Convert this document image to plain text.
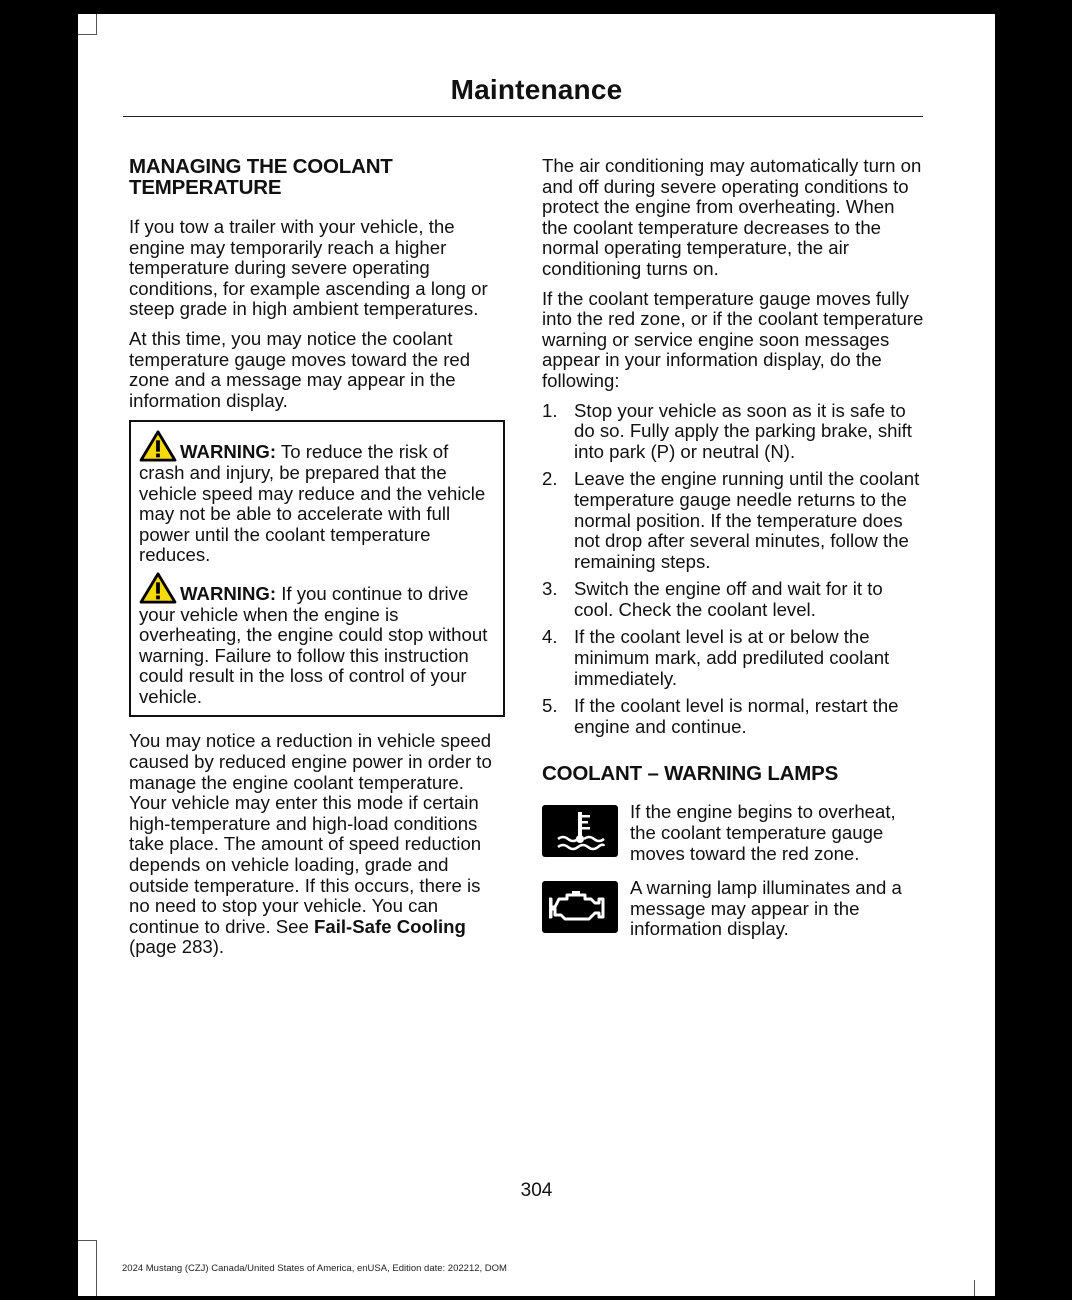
Maintenance
MANAGING THE COOLANT TEMPERATURE

If you tow a trailer with your vehicle, the engine may temporarily reach a higher temperature during severe operating conditions, for example ascending a long or steep grade in high ambient temperatures.

At this time, you may notice the coolant temperature gauge moves toward the red zone and a message may appear in the information display.

WARNING: To reduce the risk of crash and injury, be prepared that the vehicle speed may reduce and the vehicle may not be able to accelerate with full power until the coolant temperature reduces.
WARNING: If you continue to drive your vehicle when the engine is overheating, the engine could stop without warning. Failure to follow this instruction could result in the loss of control of your vehicle.

You may notice a reduction in vehicle speed caused by reduced engine power in order to manage the engine coolant temperature. Your vehicle may enter this mode if certain high-temperature and high-load conditions take place. The amount of speed reduction depends on vehicle loading, grade and outside temperature. If this occurs, there is no need to stop your vehicle. You can continue to drive. See Fail-Safe Cooling (page 283).

The air conditioning may automatically turn on and off during severe operating conditions to protect the engine from overheating. When the coolant temperature decreases to the normal operating temperature, the air conditioning turns on.

If the coolant temperature gauge moves fully into the red zone, or if the coolant temperature warning or service engine soon messages appear in your information display, do the following:

1. Stop your vehicle as soon as it is safe to do so. Fully apply the parking brake, shift into park (P) or neutral (N).
2. Leave the engine running until the coolant temperature gauge needle returns to the normal position. If the temperature does not drop after several minutes, follow the remaining steps.
3. Switch the engine off and wait for it to cool. Check the coolant level.
4. If the coolant level is at or below the minimum mark, add prediluted coolant immediately.
5. If the coolant level is normal, restart the engine and continue.
COOLANT – WARNING LAMPS
If the engine begins to overheat, the coolant temperature gauge moves toward the red zone.
A warning lamp illuminates and a message may appear in the information display.
304
2024 Mustang (CZJ) Canada/United States of America, enUSA, Edition date: 202212, DOM
